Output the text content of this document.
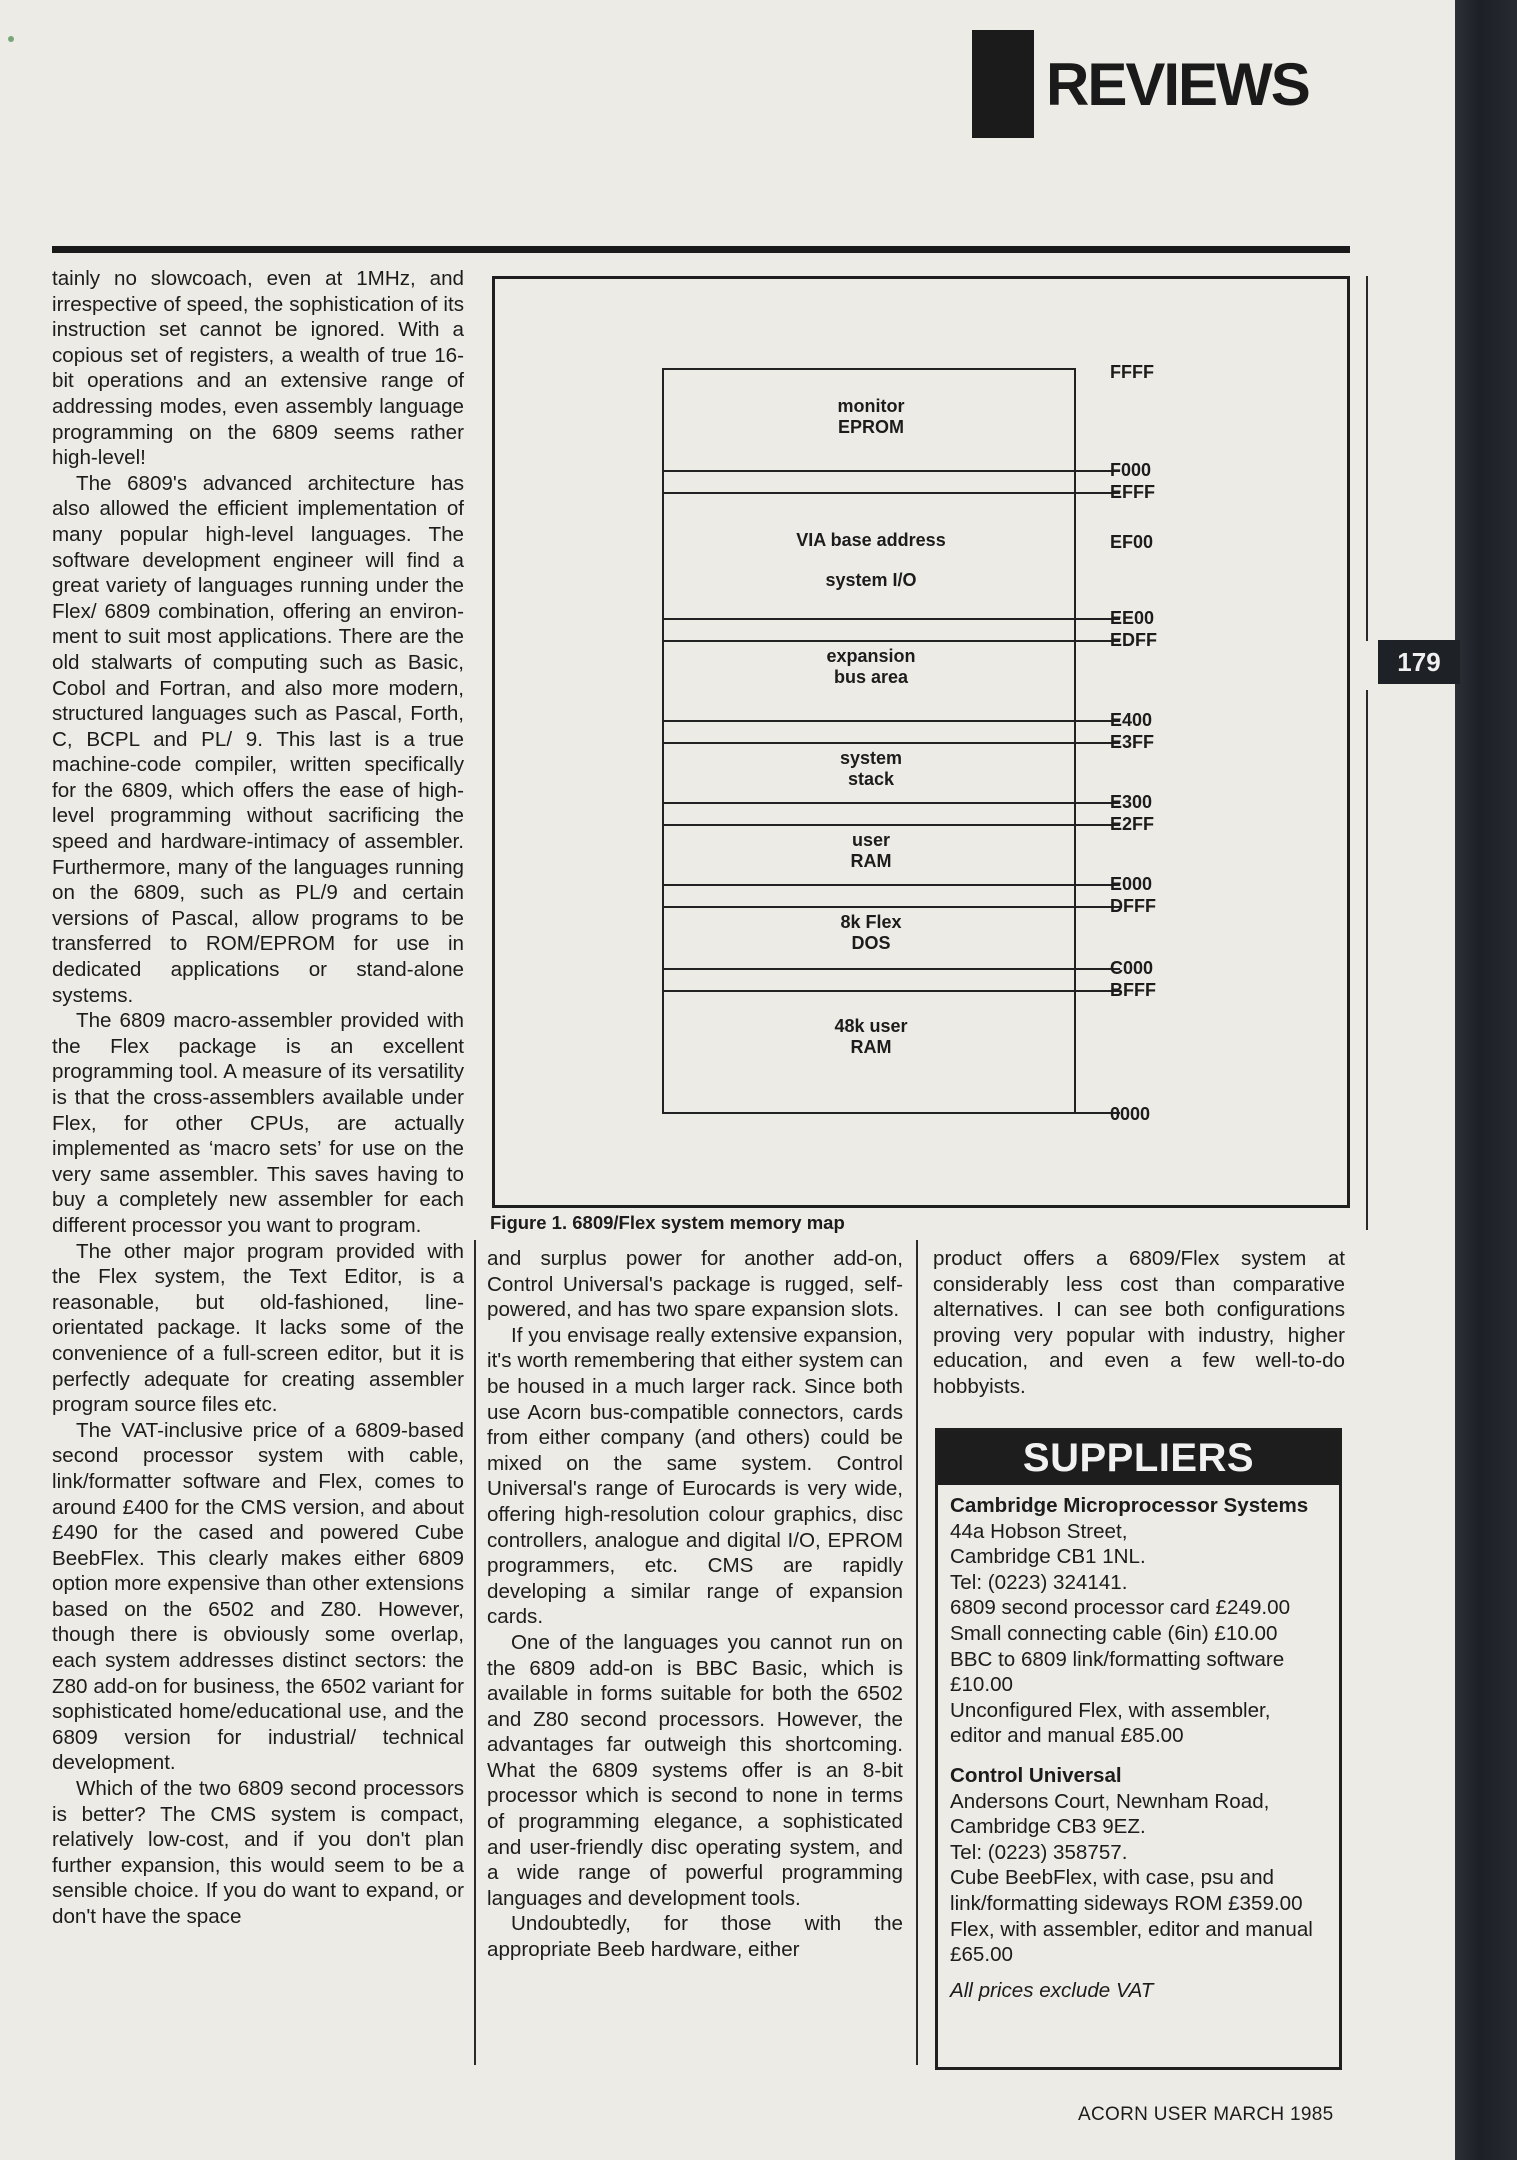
REVIEWS
179

tainly no slowcoach, even at 1MHz, and irrespective of speed, the sophistication of its instruction set cannot be ignored. With a copious set of registers, a wealth of true 16-bit operations and an extensive range of addressing modes, even assembly language programming on the 6809 seems rather high-level!

The 6809's advanced architecture has also allowed the efficient implementation of many popular high-level languages. The software development engineer will find a great variety of languages running under the Flex/ 6809 combination, offering an environment to suit most applications. There are the old stalwarts of computing such as Basic, Cobol and Fortran, and also more modern, structured languages such as Pascal, Forth, C, BCPL and PL/ 9. This last is a true machine-code compiler, written specifically for the 6809, which offers the ease of high-level programming without sacrificing the speed and hardware-intimacy of assembler. Furthermore, many of the languages running on the 6809, such as PL/9 and certain versions of Pascal, allow programs to be transferred to ROM/EPROM for use in dedicated applications or stand-alone systems.

The 6809 macro-assembler provided with the Flex package is an excellent programming tool. A measure of its versatility is that the cross-assemblers available under Flex, for other CPUs, are actually implemented as ‘macro sets’ for use on the very same assembler. This saves having to buy a completely new assembler for each different processor you want to program.

The other major program provided with the Flex system, the Text Editor, is a reasonable, but old-fashioned, line-orientated package. It lacks some of the convenience of a full-screen editor, but it is perfectly adequate for creating assembler program source files etc.

The VAT-inclusive price of a 6809-based second processor system with cable, link/formatter software and Flex, comes to around £400 for the CMS version, and about £490 for the cased and powered Cube BeebFlex. This clearly makes either 6809 option more expensive than other extensions based on the 6502 and Z80. However, though there is obviously some overlap, each system addresses distinct sectors: the Z80 add-on for business, the 6502 variant for sophisticated home/educational use, and the 6809 version for industrial/ technical development.

Which of the two 6809 second processors is better? The CMS system is compact, relatively low-cost, and if you don't plan further expansion, this would seem to be a sensible choice. If you do want to expand, or don't have the space

monitor EPROM
VIA base address
system I/O
expansion bus area
system stack
user RAM
8k Flex DOS
48k user RAM
FFFF
F000
EFFF
EF00
EE00
EDFF
E400
E3FF
E300
E2FF
E000
DFFF
C000
BFFF
0000
Figure 1. 6809/Flex system memory map

and surplus power for another add-on, Control Universal's package is rugged, self-powered, and has two spare expansion slots.

If you envisage really extensive expansion, it's worth remembering that either system can be housed in a much larger rack. Since both use Acorn bus-compatible connectors, cards from either company (and others) could be mixed on the same system. Control Universal's range of Eurocards is very wide, offering high-resolution colour graphics, disc controllers, analogue and digital I/O, EPROM programmers, etc. CMS are rapidly developing a similar range of expansion cards.

One of the languages you cannot run on the 6809 add-on is BBC Basic, which is available in forms suitable for both the 6502 and Z80 second processors. However, the advantages far outweigh this shortcoming. What the 6809 systems offer is an 8-bit processor which is second to none in terms of programming elegance, a sophisticated and user-friendly disc operating system, and a wide range of powerful programming languages and development tools.

Undoubtedly, for those with the appropriate Beeb hardware, either

product offers a 6809/Flex system at considerably less cost than comparative alternatives. I can see both configurations proving very popular with industry, higher education, and even a few well-to-do hobbyists.

SUPPLIERS
Cambridge Microprocessor Systems
44a Hobson Street,
Cambridge CB1 1NL.
Tel: (0223) 324141.
6809 second processor card £249.00
Small connecting cable (6in) £10.00
BBC to 6809 link/formatting software £10.00
Unconfigured Flex, with assembler, editor and manual £85.00
Control Universal
Andersons Court, Newnham Road,
Cambridge CB3 9EZ.
Tel: (0223) 358757.
Cube BeebFlex, with case, psu and link/formatting sideways ROM £359.00
Flex, with assembler, editor and manual £65.00
All prices exclude VAT
ACORN USER MARCH 1985
